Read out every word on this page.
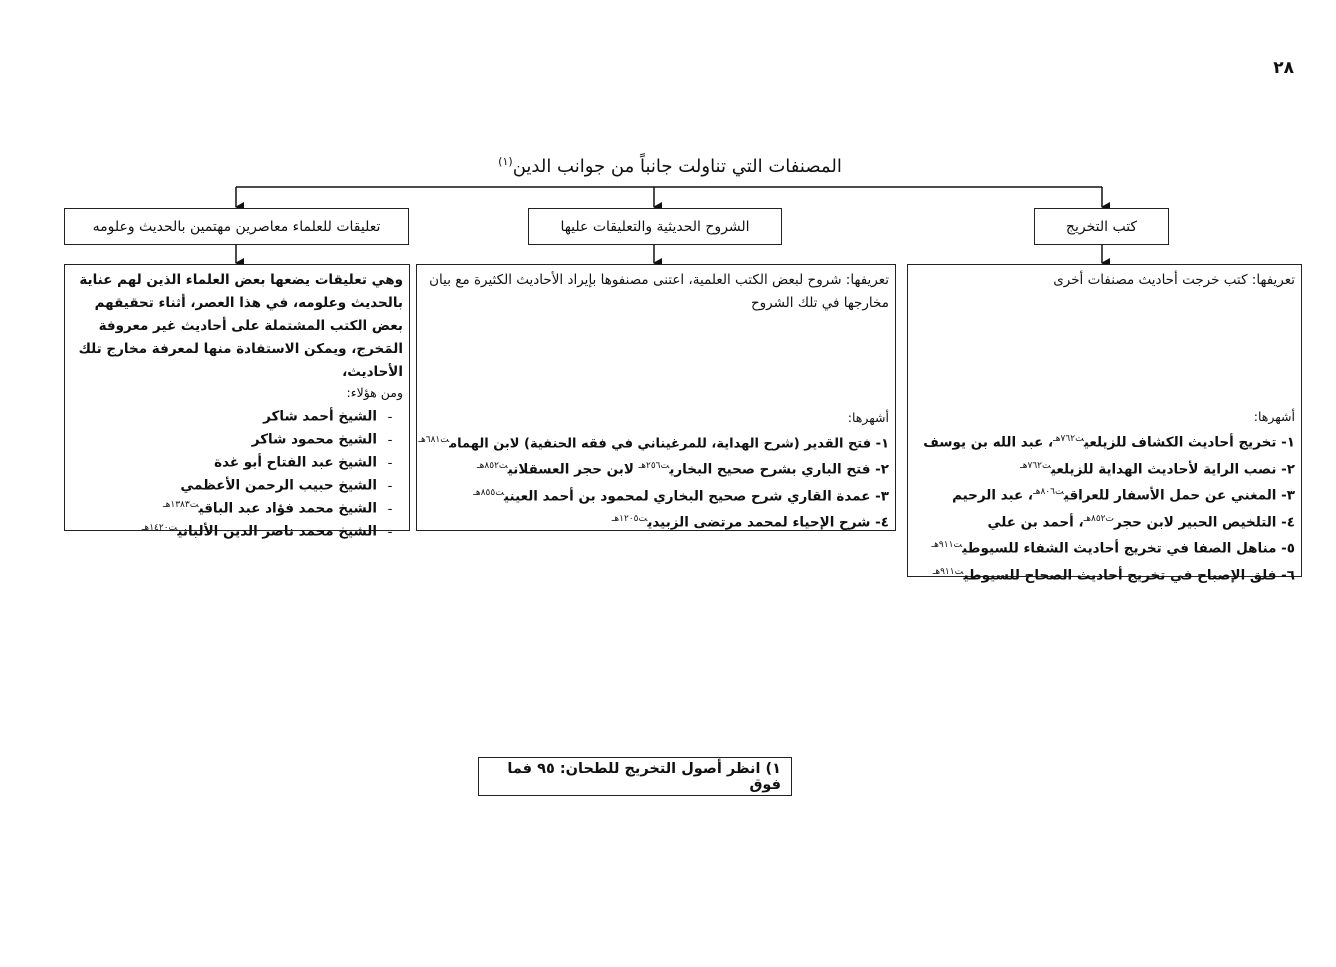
٢٨
المصنفات التي تناولت جانباً من جوانب الدين$^{(١)}$
كتب التخريج
الشروح الحديثية والتعليقات عليها
تعليقات للعلماء معاصرين مهتمين بالحديث وعلومه
تعريفها: كتب خرجت أحاديث مصنفات أخرى
أشهرها:
١- تخريج أحاديث الكشاف للزيلعي$^{ت٧٦٢هـ}$، عبد الله بن يوسف
٢- نصب الراية لأحاديث الهداية للزيلعي$^{ت٧٦٢هـ}$
٣- المغني عن حمل الأسفار للعراقي$^{ت٨٠٦هـ}$، عبد الرحيم
٤- التلخيص الحبير لابن حجر$^{ت٨٥٢هـ}$، أحمد بن علي
٥- مناهل الصفا في تخريج أحاديث الشفاء للسيوطي$^{ت٩١١هـ}$
٦- فلق الإصباح في تخريج أحاديث الصحاح للسيوطي$^{ت٩١١هـ}$
تعريفها: شروح لبعض الكتب العلمية، اعتنى مصنفوها بإيراد الأحاديث الكثيرة مع بيان مخارجها في تلك الشروح
أشهرها:
١- فتح القدير (شرح الهداية، للمرغيناني في فقه الحنفية) لابن الهمام$^{ت٦٨١هـ}$
٢- فتح الباري بشرح صحيح البخاري$^{ت٢٥٦هـ}$ لابن حجر العسقلاني$^{ت٨٥٢هـ}$
٣- عمدة القاري شرح صحيح البخاري لمحمود بن أحمد العيني$^{ت٨٥٥هـ}$
٤- شرح الإحياء لمحمد مرتضى الزبيدي$^{ت١٢٠٥هـ}$
وهي تعليقات يضعها بعض العلماء الذين لهم عناية بالحديث وعلومه، في هذا العصر، أثناء تحقيقهم بعض الكتب المشتملة على أحاديث غير معروفة المَخرج، ويمكن الاستفادة منها لمعرفة مخارج تلك الأحاديث،
ومن هؤلاء:
-الشيخ أحمد شاكر
-الشيخ محمود شاكر
-الشيخ عبد الفتاح أبو غدة
-الشيخ حبيب الرحمن الأعظمي
-الشيخ محمد فؤاد عبد الباقي$^{ت١٣٨٣هـ}$
-الشيخ محمد ناصر الدين الألباني$^{ت١٤٢٠هـ}$
١) انظر أصول التخريج للطحان: ٩٥ فما فوق
